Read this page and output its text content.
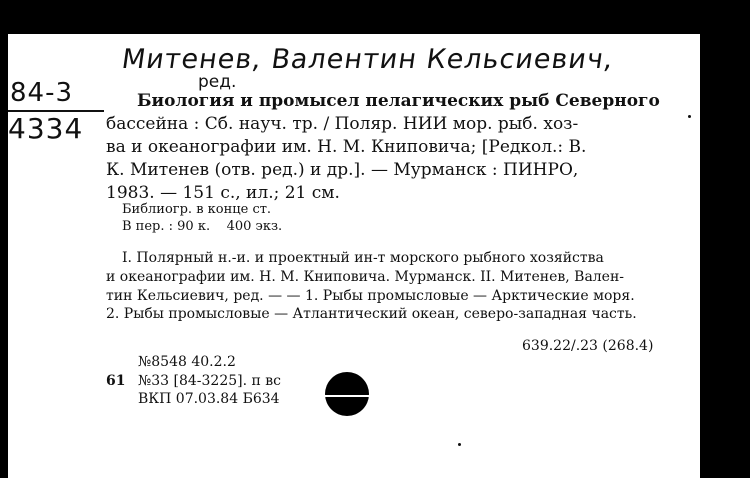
Митенев, Валентин Кельсиевич,
ред.
84-3
4334
Биология и промысел пелагических рыб Северного
бассейна : Сб. науч. тр. / Поляр. НИИ мор. рыб. хоз-
ва и океанографии им. Н. М. Книповича; [Редкол.: В.
К. Митенев (отв. ред.) и др.]. — Мурманск : ПИНРО,
1983. — 151 с., ил.; 21 см.
Библиогр. в конце ст.
В пер. : 90 к.    400 экз.
I. Полярный н.-и. и проектный ин-т морского рыбного хозяйства
и океанографии им. Н. М. Книповича. Мурманск. II. Митенев, Вален-
тин Кельсиевич, ред. — — 1. Рыбы промысловые — Арктические моря.
2. Рыбы промысловые — Атлантический океан, северо-западная часть.
639.22/.23 (268.4)
№8548 40.2.2
61 №33 [84-3225]. п вс
ВКП 07.03.84 Б634
